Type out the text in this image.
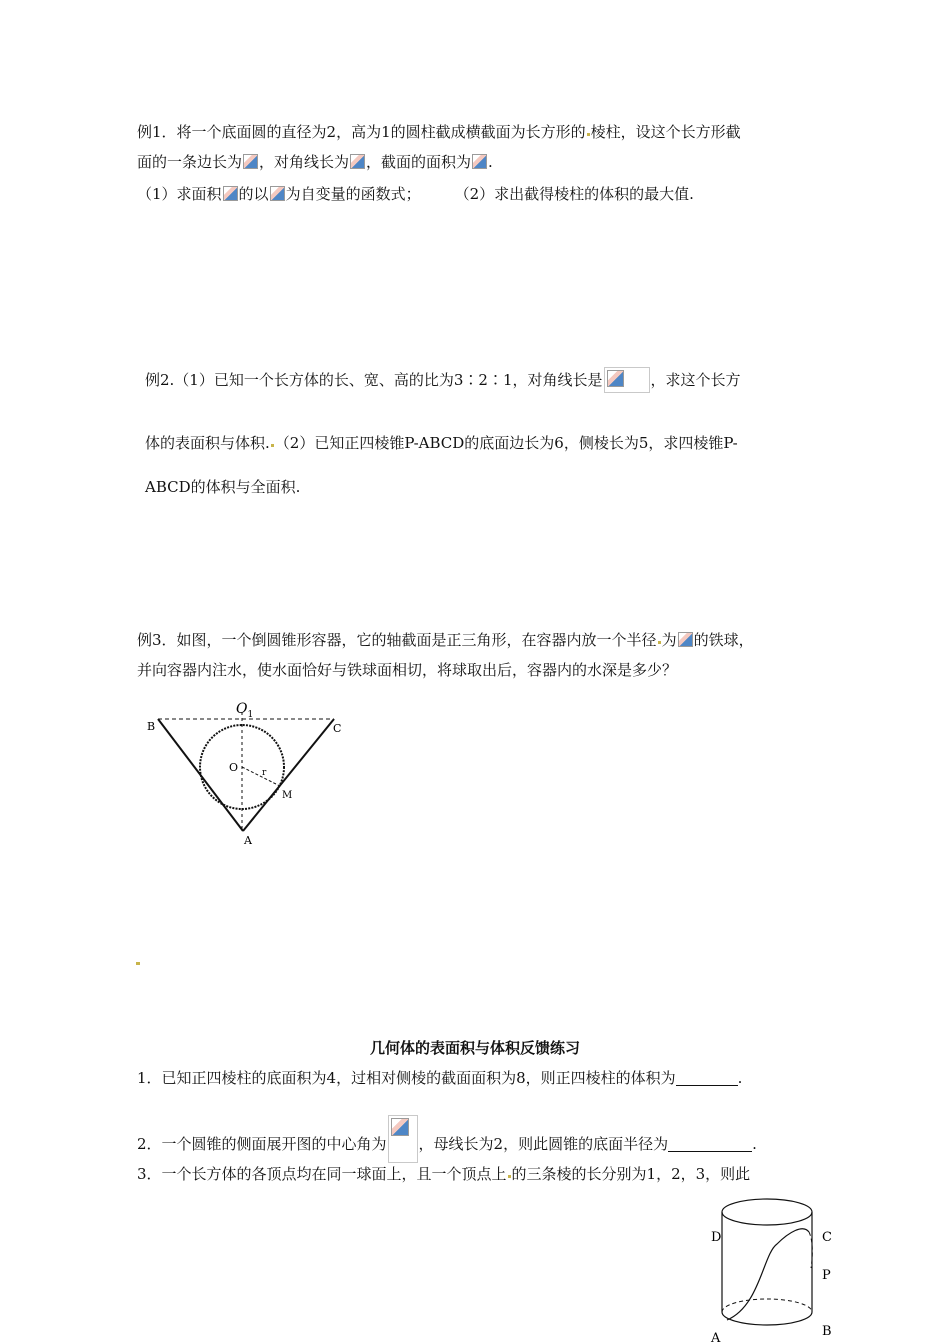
例1．将一个底面圆的直径为2，高为1的圆柱截成横截面为长方形的 棱柱，设这个长方形截
面的一条边长为 ，对角线长为 ，截面的面积为 .
（1）求面积 的以 为自变量的函数式； （2）求出截得棱柱的体积的最大值.
例2.（1）已知一个长方体的长、宽、高的比为3∶2∶1，对角线长是	，求这个长方
体的表面积与体积. （2）已知正四棱锥P-ABCD的底面边长为6，侧棱长为5，求四棱锥P-
ABCD的体积与全面积.
例3．如图，一个倒圆锥形容器，它的轴截面是正三角形，在容器内放一个半径 为 的铁球，
并向容器内注水，使水面恰好与铁球面相切，将球取出后，容器内的水深是多少？
B	C
$O_1$
O	r
M
A
几何体的表面积与体积反馈练习
1．已知正四棱柱的底面积为4，过相对侧棱的截面面积为8，则正四棱柱的体积为	.
2．一个圆锥的侧面展开图的中心角为 ，母线长为2，则此圆锥的底面半径为	.
3．一个长方体的各顶点均在同一球面上，且一个顶点上 的三条棱的长分别为1，2，3，则此
D	C
P
A	B
